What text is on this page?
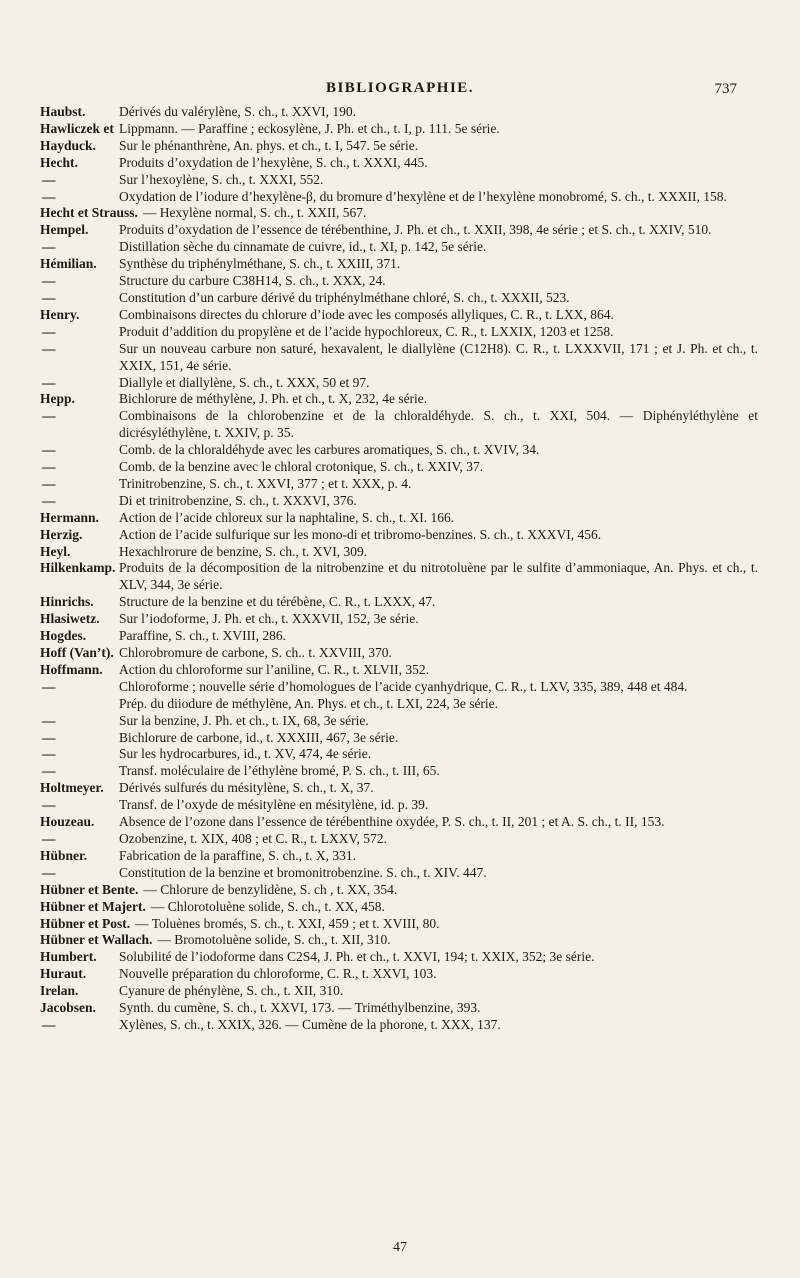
BIBLIOGRAPHIE.	737
Haubst. Dérivés du valérylène, S. ch., t. XXVI, 190.
Hawliczek et Lippmann. — Paraffine ; eckosylène, J. Ph. et ch., t. I, p. 111. 5e série.
Hayduck. Sur le phénanthrène, An. phys. et ch., t. I, 547. 5e série.
Hecht.	Produits d’oxydation de l’hexylène, S. ch., t. XXXI, 445.
—	Sur l’hexoylène, S. ch., t. XXXI, 552.
—	Oxydation de l’iodure d’hexylène-β, du bromure d’hexylène et de l’hexylène monobromé, S. ch., t. XXXII, 158.
Hecht et Strauss. — Hexylène normal, S. ch., t. XXII, 567.
Hempel. Produits d’oxydation de l’essence de térébenthine, J. Ph. et ch., t. XXII, 398, 4e série ; et S. ch., t. XXIV, 510.
—	Distillation sèche du cinnamate de cuivre, id., t. XI, p. 142, 5e série.
Hémilian. Synthèse du triphénylméthane, S. ch., t. XXIII, 371.
—	Structure du carbure C38H14, S. ch., t. XXX, 24.
—	Constitution d’un carbure dérivé du triphénylméthane chloré, S. ch., t. XXXII, 523.
Henry.	Combinaisons directes du chlorure d’iode avec les composés allyliques, C. R., t. LXX, 864.
—	Produit d’addition du propylène et de l’acide hypochloreux, C. R., t. LXXIX, 1203 et 1258.
—	Sur un nouveau carbure non saturé, hexavalent, le diallylène (C12H8). C. R., t. LXXXVII, 171 ; et J. Ph. et ch., t. XXIX, 151, 4e série.
—	Diallyle et diallylène, S. ch., t. XXX, 50 et 97.
Hepp.	Bichlorure de méthylène, J. Ph. et ch., t. X, 232, 4e série.
—	Combinaisons de la chlorobenzine et de la chloraldéhyde. S. ch., t. XXI, 504. — Diphényléthylène et dicrésyléthylène, t. XXIV, p. 35.
—	Comb. de la chloraldéhyde avec les carbures aromatiques, S. ch., t. XVIV, 34.
—	Comb. de la benzine avec le chloral crotonique, S. ch., t. XXIV, 37.
—	Trinitrobenzine, S. ch., t. XXVI, 377 ; et t. XXX, p. 4.
—	Di et trinitrobenzine, S. ch., t. XXXVI, 376.
Hermann. Action de l’acide chloreux sur la naphtaline, S. ch., t. XI. 166.
Herzig.	Action de l’acide sulfurique sur les mono-di et tribromo-benzines. S. ch., t. XXXVI, 456.
Heyl.	Hexachlrorure de benzine, S. ch., t. XVI, 309.
Hilkenkamp. Produits de la décomposition de la nitrobenzine et du nitrotoluène par le sulfite d’ammoniaque, An. Phys. et ch., t. XLV, 344, 3e série.
Hinrichs. Structure de la benzine et du térébène, C. R., t. LXXX, 47.
Hlasiwetz. Sur l’iodoforme, J. Ph. et ch., t. XXXVII, 152, 3e série.
Hogdes. Paraffine, S. ch., t. XVIII, 286.
Hoff (Van’t). Chlorobromure de carbone, S. ch.. t. XXVIII, 370.
Hoffmann. Action du chloroforme sur l’aniline, C. R., t. XLVII, 352.
—	Chloroforme ; nouvelle série d’homologues de l’acide cyanhydrique, C. R., t. LXV, 335, 389, 448 et 484.
Prép. du diiodure de méthylène, An. Phys. et ch., t. LXI, 224, 3e série.
—	Sur la benzine, J. Ph. et ch., t. IX, 68, 3e série.
—	Bichlorure de carbone, id., t. XXXIII, 467, 3e série.
—	Sur les hydrocarbures, id., t. XV, 474, 4e série.
—	Transf. moléculaire de l’éthylène bromé, P. S. ch., t. III, 65.
Holtmeyer. Dérivés sulfurés du mésitylène, S. ch., t. X, 37.
—	Transf. de l’oxyde de mésitylène en mésitylène, id. p. 39.
Houzeau. Absence de l’ozone dans l’essence de térébenthine oxydée, P. S. ch., t. II, 201 ; et A. S. ch., t. II, 153.
—	Ozobenzine, t. XIX, 408 ; et C. R., t. LXXV, 572.
Hübner. Fabrication de la paraffine, S. ch., t. X, 331.
—	Constitution de la benzine et bromonitrobenzine. S. ch., t. XIV. 447.
Hübner et Bente. — Chlorure de benzylidène, S. ch , t. XX, 354.
Hübner et Majert. — Chlorotoluène solide, S. ch., t. XX, 458.
Hübner et Post. — Toluènes bromés, S. ch., t. XXI, 459 ; et t. XVIII, 80.
Hübner et Wallach. — Bromotoluène solide, S. ch., t. XII, 310.
Humbert. Solubilité de l’iodoforme dans C2S4, J. Ph. et ch., t. XXVI, 194; t. XXIX, 352; 3e série.
Huraut. Nouvelle préparation du chloroforme, C. R., t. XXVI, 103.
Irelan.	Cyanure de phénylène, S. ch., t. XII, 310.
Jacobsen. Synth. du cumène, S. ch., t. XXVI, 173. — Triméthylbenzine, 393.
—	Xylènes, S. ch., t. XXIX, 326. — Cumène de la phorone, t. XXX, 137.
47
